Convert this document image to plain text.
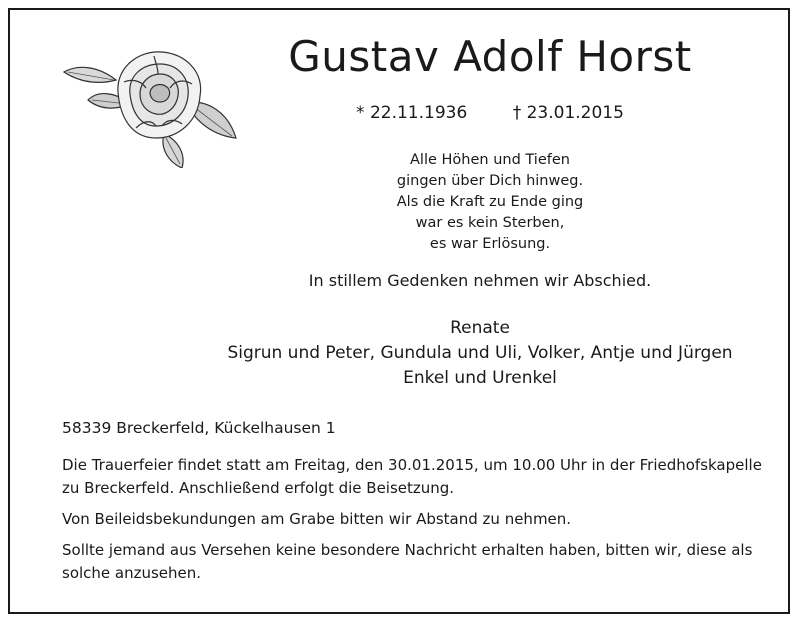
Gustav Adolf Horst
* 22.11.1936	† 23.01.2015
Alle Höhen und Tiefen
gingen über Dich hinweg.
Als die Kraft zu Ende ging
war es kein Sterben,
es war Erlösung.
In stillem Gedenken nehmen wir Abschied.
Renate
Sigrun und Peter, Gundula und Uli, Volker, Antje und Jürgen
Enkel und Urenkel
58339 Breckerfeld, Kückelhausen 1

Die Trauerfeier findet statt am Freitag, den 30.01.2015, um 10.00 Uhr in der Friedhofskapelle zu Breckerfeld. Anschließend erfolgt die Beisetzung.

Von Beileidsbekundungen am Grabe bitten wir Abstand zu nehmen.

Sollte jemand aus Versehen keine besondere Nachricht erhalten haben, bitten wir, diese als solche anzusehen.
